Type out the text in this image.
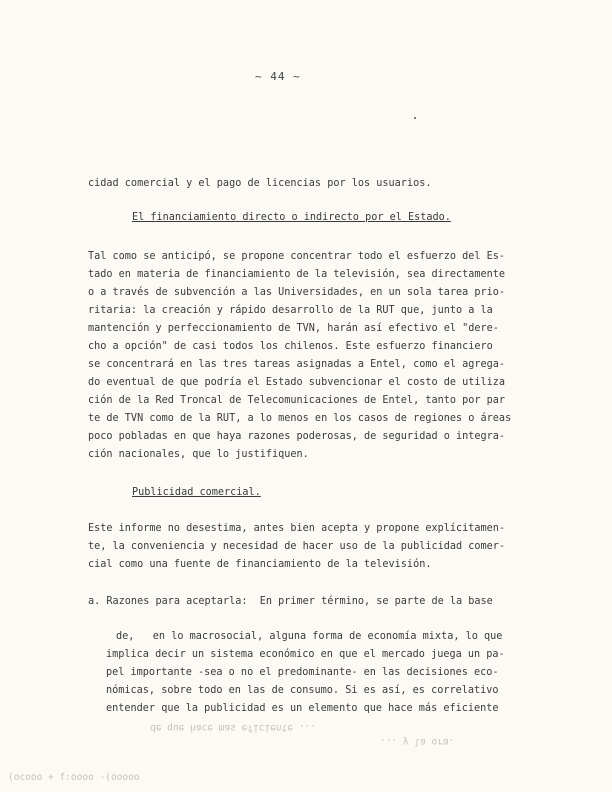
~ 44 ~
cidad comercial y el pago de licencias por los usuarios.
El financiamiento directo o indirecto por el Estado.
Tal como se anticipó, se propone concentrar todo el esfuerzo del Es-
tado en materia de financiamiento de la televisión, sea directamente
o a través de subvención a las Universidades, en un sola tarea prio-
ritaria: la creación y rápido desarrollo de la RUT que, junto a la
mantención y perfeccionamiento de TVN, harán así efectivo el "dere-
cho a opción" de casi todos los chilenos. Este esfuerzo financiero
se concentrará en las tres tareas asignadas a Entel, como el agrega-
do eventual de que podría el Estado subvencionar el costo de utiliza
ción de la Red Troncal de Telecomunicaciones de Entel, tanto por par
te de TVN como de la RUT, a lo menos en los casos de regiones o áreas
poco pobladas en que haya razones poderosas, de seguridad o integra-
ción nacionales, que lo justifiquen.
Publicidad comercial.
Este informe no desestima, antes bien acepta y propone explícitamen-
te, la conveniencia y necesidad de hacer uso de la publicidad comer-
cial como una fuente de financiamiento de la televisión.
a. Razones para aceptarla:  En primer término, se parte de la base
de,   en lo macrosocial, alguna forma de economía mixta, lo que
implica decir un sistema económico en que el mercado juega un pa-
pel importante -sea o no el predominante- en las decisiones eco-
nómicas, sobre todo en las de consumo. Si es así, es correlativo
entender que la publicidad es un elemento que hace más eficiente
de que hace mas eficiente ...
... y la ora.
(ocooo + f:oooo -(ooooo
